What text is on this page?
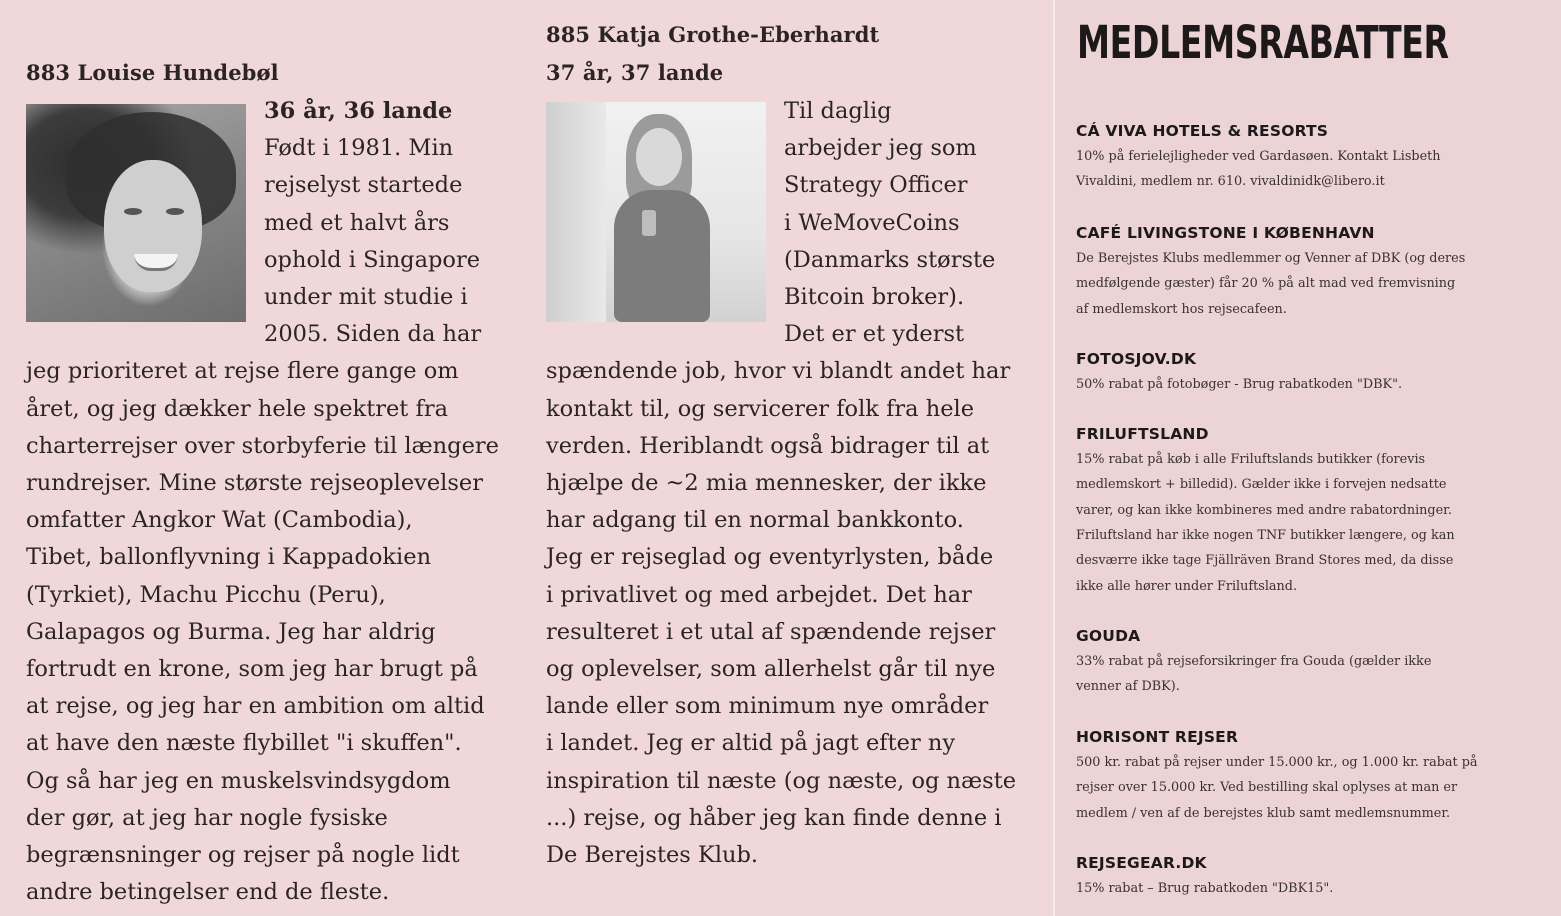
883 Louise Hundebøl
36 år, 36 lande
Født i 1981. Min
rejselyst startede
med et halvt års
ophold i Singapore
under mit studie i
2005. Siden da har
jeg prioriteret at rejse flere gange om
året, og jeg dækker hele spektret fra
charterrejser over storbyferie til længere
rundrejser. Mine største rejseoplevelser
omfatter Angkor Wat (Cambodia),
Tibet, ballonflyvning i Kappadokien
(Tyrkiet), Machu Picchu (Peru),
Galapagos og Burma. Jeg har aldrig
fortrudt en krone, som jeg har brugt på
at rejse, og jeg har en ambition om altid
at have den næste flybillet "i skuffen".
Og så har jeg en muskelsvindsygdom
der gør, at jeg har nogle fysiske
begrænsninger og rejser på nogle lidt
andre betingelser end de fleste.
885 Katja Grothe-Eberhardt
37 år, 37 lande
Til daglig
arbejder jeg som
Strategy Officer
i WeMoveCoins
(Danmarks største
Bitcoin broker).
Det er et yderst
spændende job, hvor vi blandt andet har
kontakt til, og servicerer folk fra hele
verden. Heriblandt også bidrager til at
hjælpe de ~2 mia mennesker, der ikke
har adgang til en normal bankkonto.
Jeg er rejseglad og eventyrlysten, både
i privatlivet og med arbejdet. Det har
resulteret i et utal af spændende rejser
og oplevelser, som allerhelst går til nye
lande eller som minimum nye områder
i landet. Jeg er altid på jagt efter ny
inspiration til næste (og næste, og næste
...) rejse, og håber jeg kan finde denne i
De Berejstes Klub.
MEDLEMSRABATTER
CÁ VIVA HOTELS & RESORTS
10% på ferielejligheder ved Gardasøen. Kontakt Lisbeth
Vivaldini, medlem nr. 610. vivaldinidk@libero.it
CAFÉ LIVINGSTONE I KØBENHAVN
De Berejstes Klubs medlemmer og Venner af DBK (og deres
medfølgende gæster) får 20 % på alt mad ved fremvisning
af medlemskort hos rejsecafeen.
FOTOSJOV.DK
50% rabat på fotobøger - Brug rabatkoden "DBK".
FRILUFTSLAND
15% rabat på køb i alle Friluftslands butikker (forevis
medlemskort + billedid). Gælder ikke i forvejen nedsatte
varer, og kan ikke kombineres med andre rabatordninger.
Friluftsland har ikke nogen TNF butikker længere, og kan
desværre ikke tage Fjällräven Brand Stores med, da disse
ikke alle hører under Friluftsland.
GOUDA
33% rabat på rejseforsikringer fra Gouda (gælder ikke
venner af DBK).
HORISONT REJSER
500 kr. rabat på rejser under 15.000 kr., og 1.000 kr. rabat på
rejser over 15.000 kr. Ved bestilling skal oplyses at man er
medlem / ven af de berejstes klub samt medlemsnummer.
REJSEGEAR.DK
15% rabat – Brug rabatkoden "DBK15".
